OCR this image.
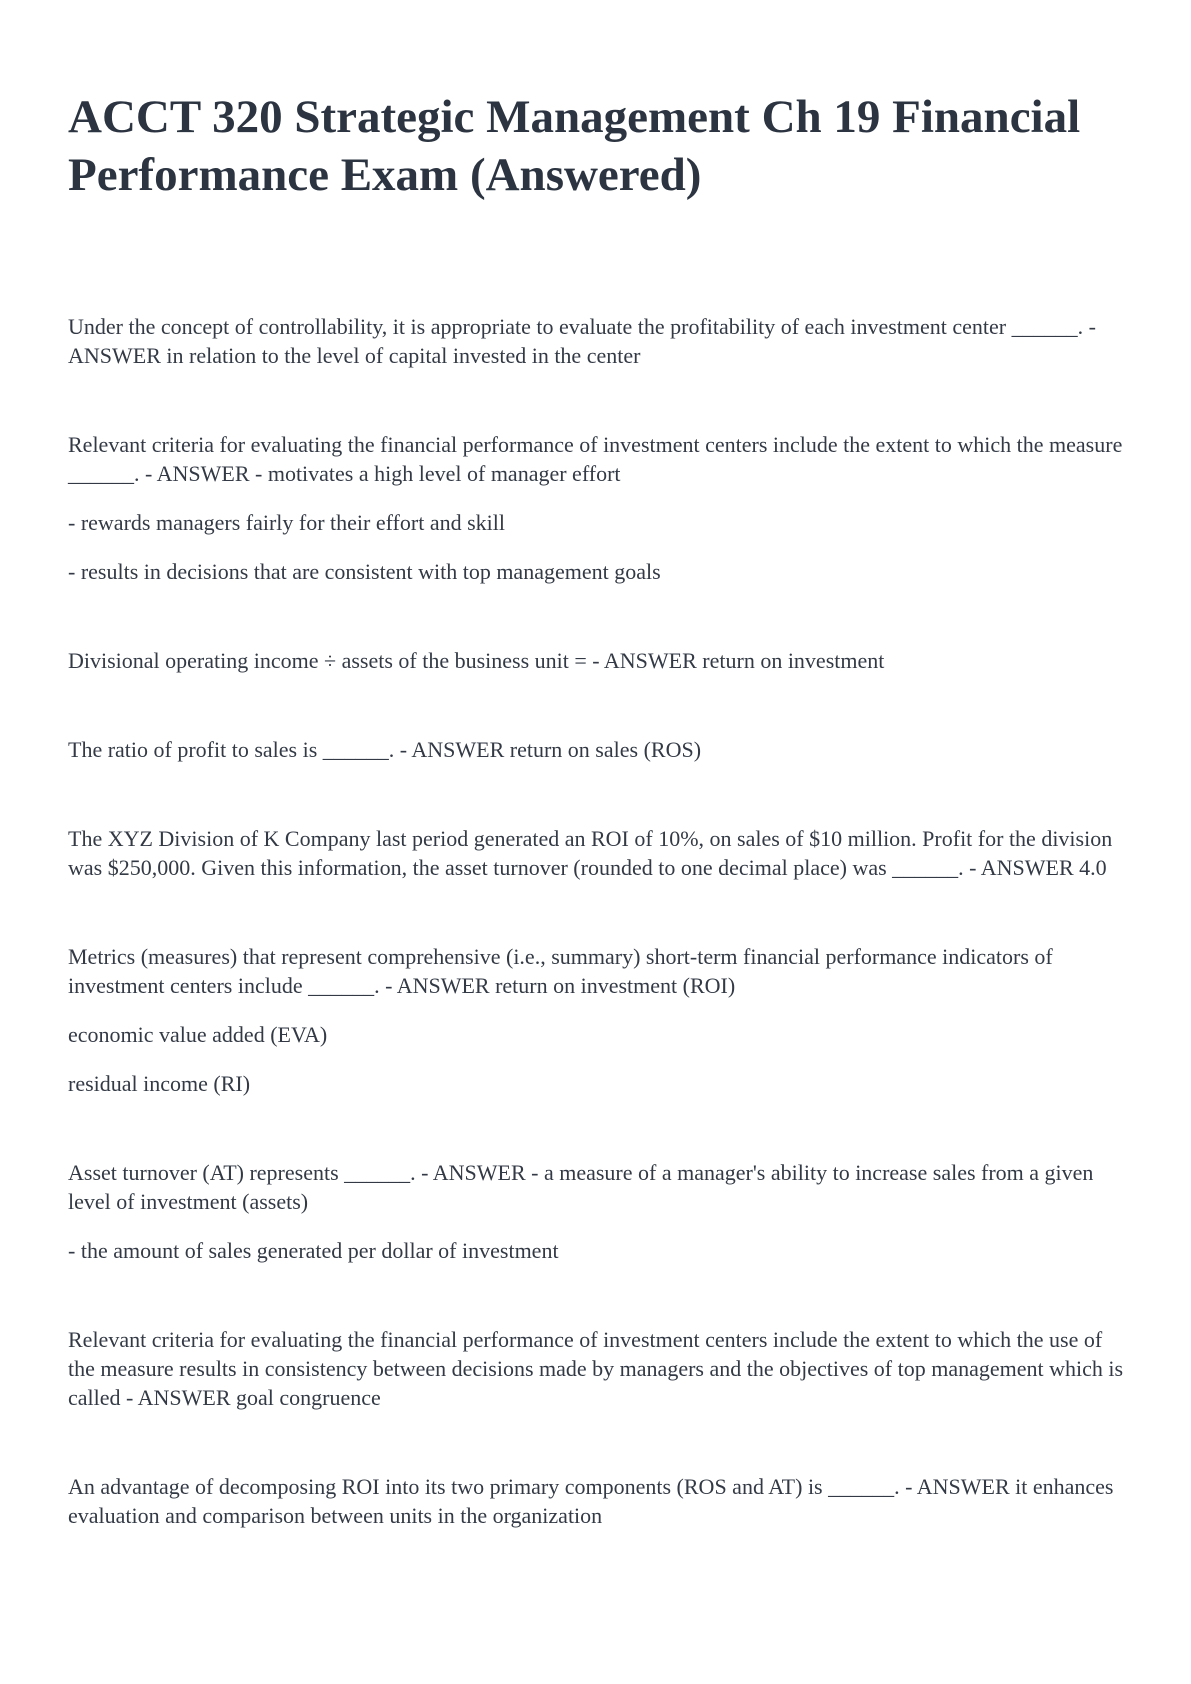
ACCT 320 Strategic Management Ch 19 Financial Performance Exam (Answered)

Under the concept of controllability, it is appropriate to evaluate the profitability of each investment center ______. - ANSWER in relation to the level of capital invested in the center

Relevant criteria for evaluating the financial performance of investment centers include the extent to which the measure ______. - ANSWER - motivates a high level of manager effort

- rewards managers fairly for their effort and skill

- results in decisions that are consistent with top management goals

Divisional operating income ÷ assets of the business unit = - ANSWER return on investment

The ratio of profit to sales is ______. - ANSWER return on sales (ROS)

The XYZ Division of K Company last period generated an ROI of 10%, on sales of $10 million. Profit for the division was $250,000. Given this information, the asset turnover (rounded to one decimal place) was ______. - ANSWER 4.0

Metrics (measures) that represent comprehensive (i.e., summary) short-term financial performance indicators of investment centers include ______. - ANSWER return on investment (ROI)

economic value added (EVA)

residual income (RI)

Asset turnover (AT) represents ______. - ANSWER - a measure of a manager's ability to increase sales from a given level of investment (assets)

- the amount of sales generated per dollar of investment

Relevant criteria for evaluating the financial performance of investment centers include the extent to which the use of the measure results in consistency between decisions made by managers and the objectives of top management which is called - ANSWER goal congruence

An advantage of decomposing ROI into its two primary components (ROS and AT) is ______. - ANSWER it enhances evaluation and comparison between units in the organization
